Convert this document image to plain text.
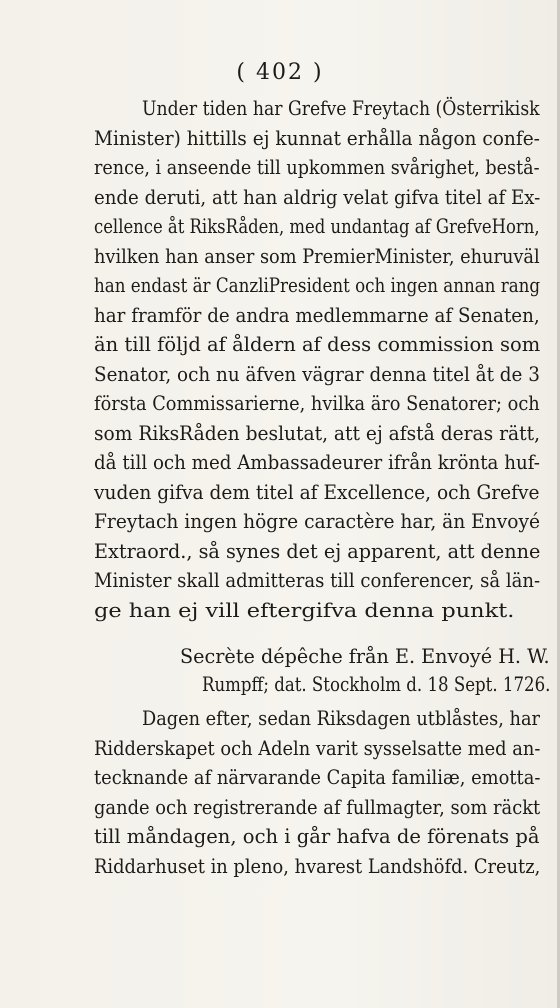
( 402 )
Under tiden har Grefve Freytach (Österrikisk
Minister) hittills ej kunnat erhålla någon confe-
rence, i anseende till upkommen svårighet, bestå-
ende deruti, att han aldrig velat gifva titel af Ex-
cellence åt RiksRåden, med undantag af GrefveHorn,
hvilken han anser som PremierMinister, ehuruväl
han endast är CanzliPresident och ingen annan rang
har framför de andra medlemmarne af Senaten,
än till följd af åldern af dess commission som
Senator, och nu äfven vägrar denna titel åt de 3
första Commissarierne, hvilka äro Senatorer; och
som RiksRåden beslutat, att ej afstå deras rätt,
då till och med Ambassadeurer ifrån krönta huf-
vuden gifva dem titel af Excellence, och Grefve
Freytach ingen högre caractère har, än Envoyé
Extraord., så synes det ej apparent, att denne
Minister skall admitteras till conferencer, så län-
ge han ej vill eftergifva denna punkt.
Secrète dépêche från E. Envoyé H. W.
Rumpff; dat. Stockholm d. 18 Sept. 1726.
Dagen efter, sedan Riksdagen utblåstes, har
Ridderskapet och Adeln varit sysselsatte med an-
tecknande af närvarande Capita familiæ, emotta-
gande och registrerande af fullmagter, som räckt
till måndagen, och i går hafva de förenats på
Riddarhuset in pleno, hvarest Landshöfd. Creutz,
